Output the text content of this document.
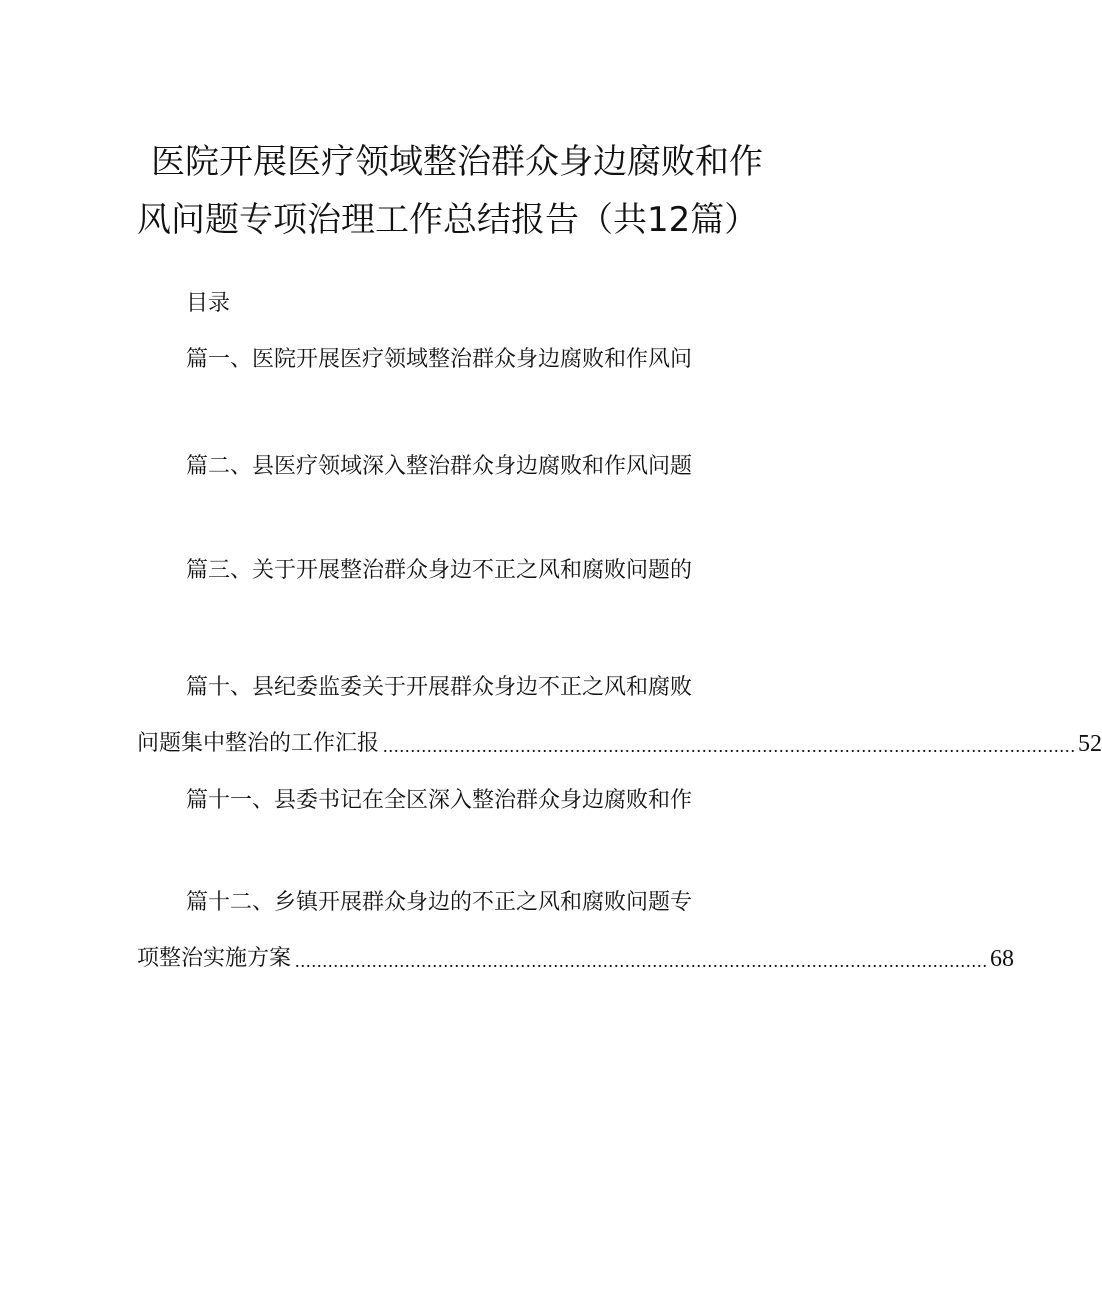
医院开展医疗领域整治群众身边腐败和作
风问题专项治理工作总结报告（共12篇）
目录
篇一、医院开展医疗领域整治群众身边腐败和作风问
篇二、县医疗领域深入整治群众身边腐败和作风问题
篇三、关于开展整治群众身边不正之风和腐败问题的
篇十、县纪委监委关于开展群众身边不正之风和腐败
问题集中整治的工作汇报 .............................................................................................................................. 52
篇十一、县委书记在全区深入整治群众身边腐败和作
篇十二、乡镇开展群众身边的不正之风和腐败问题专
项整治实施方案 .............................................................................................................................. 68
